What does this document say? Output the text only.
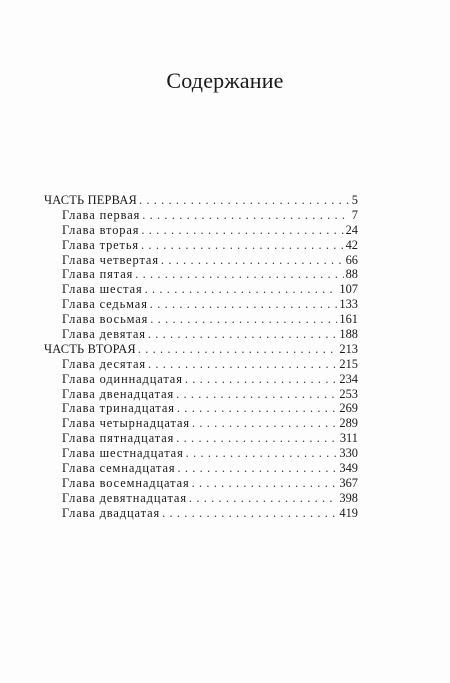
Содержание
ЧАСТЬ ПЕРВАЯ . . .	5
Глава первая . . .	7
Глава вторая . . .	24
Глава третья . . .	42
Глава четвертая . . .	66
Глава пятая . . .	88
Глава шестая . . .	107
Глава седьмая . . .	133
Глава восьмая . . .	161
Глава девятая . . .	188
ЧАСТЬ ВТОРАЯ . . .	213
Глава десятая . . .	215
Глава одиннадцатая . . .	234
Глава двенадцатая . . .	253
Глава тринадцатая . . .	269
Глава четырнадцатая . . .	289
Глава пятнадцатая . . .	311
Глава шестнадцатая . . .	330
Глава семнадцатая . . .	349
Глава восемнадцатая . . .	367
Глава девятнадцатая . . .	398
Глава двадцатая . . .	419
